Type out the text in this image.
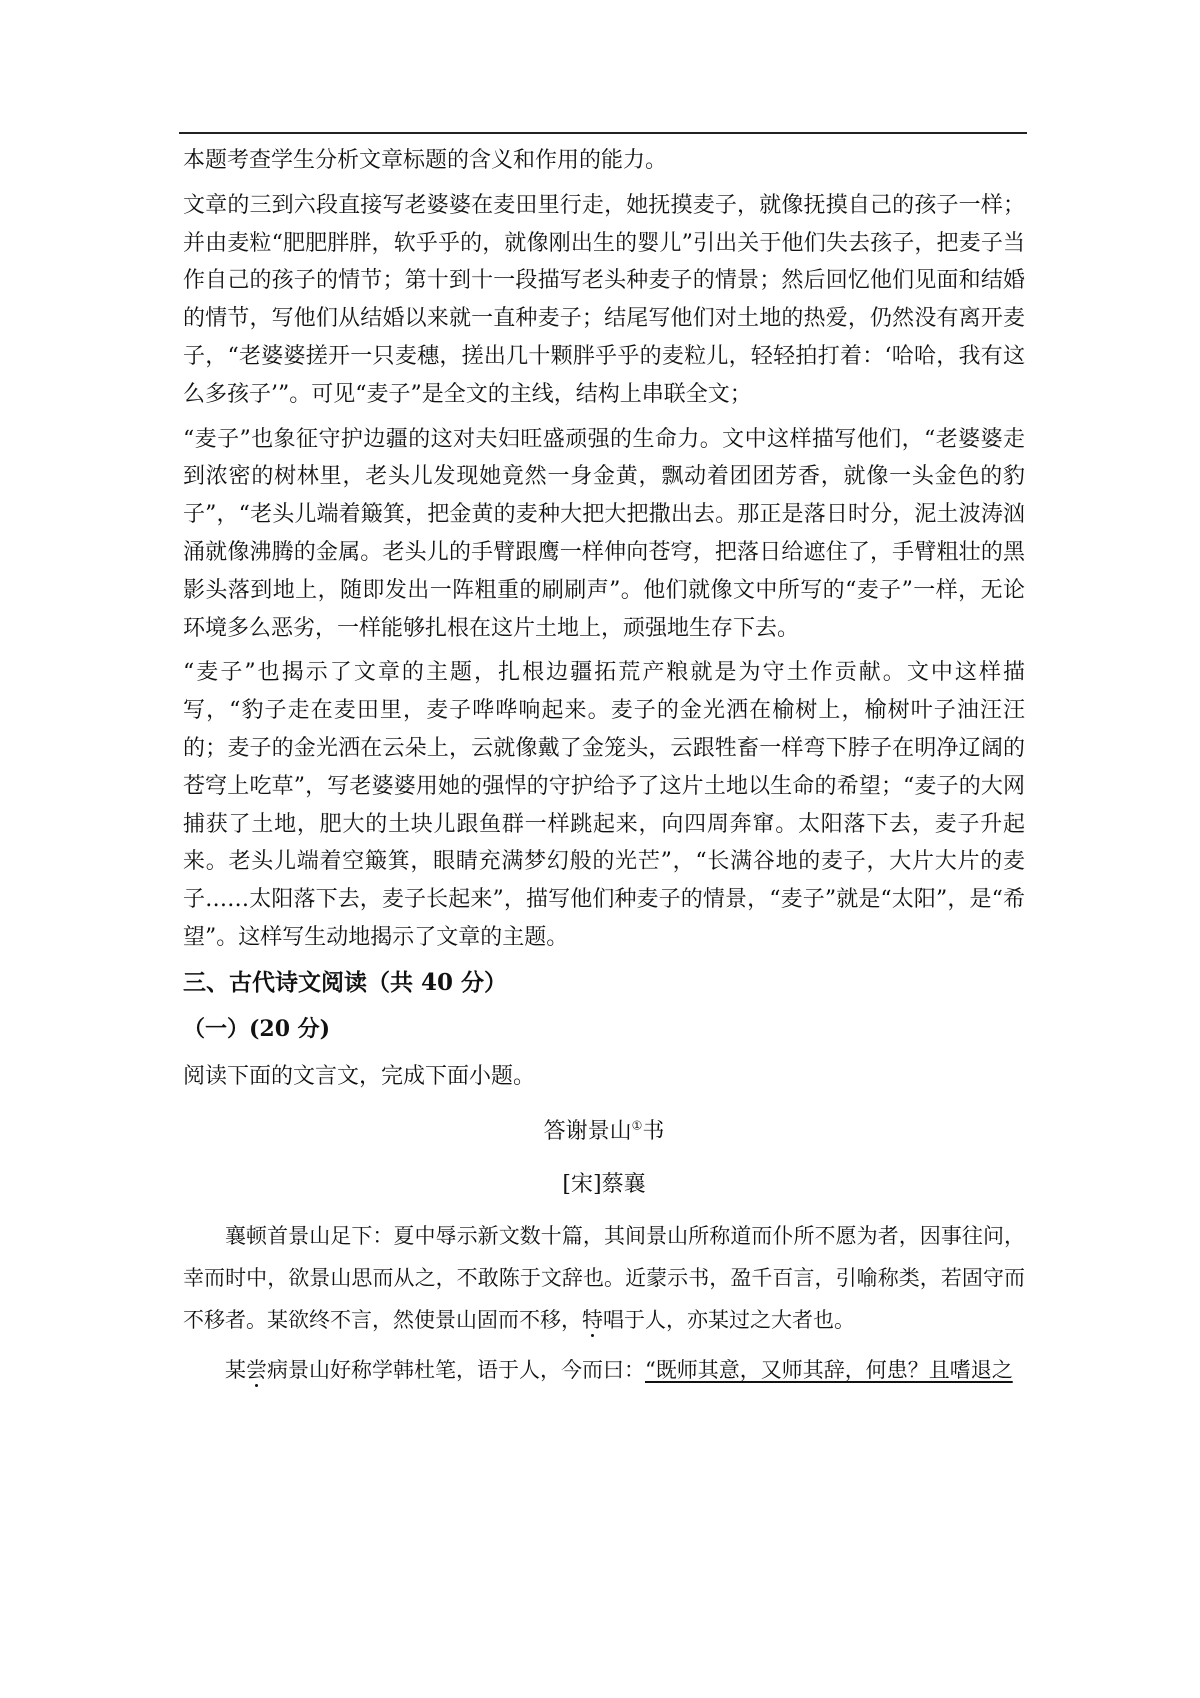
本题考查学生分析文章标题的含义和作用的能力。

文章的三到六段直接写老婆婆在麦田里行走，她抚摸麦子，就像抚摸自己的孩子一样；并由麦粒“肥肥胖胖，软乎乎的，就像刚出生的婴儿”引出关于他们失去孩子，把麦子当作自己的孩子的情节；第十到十一段描写老头种麦子的情景；然后回忆他们见面和结婚的情节，写他们从结婚以来就一直种麦子；结尾写他们对土地的热爱，仍然没有离开麦子，“老婆婆搓开一只麦穗，搓出几十颗胖乎乎的麦粒儿，轻轻拍打着：‘哈哈，我有这么多孩子’”。可见“麦子”是全文的主线，结构上串联全文；

“麦子”也象征守护边疆的这对夫妇旺盛顽强的生命力。文中这样描写他们，“老婆婆走到浓密的树林里，老头儿发现她竟然一身金黄，飘动着团团芳香，就像一头金色的豹子”，“老头儿端着簸箕，把金黄的麦种大把大把撒出去。那正是落日时分，泥土波涛汹涌就像沸腾的金属。老头儿的手臂跟鹰一样伸向苍穹，把落日给遮住了，手臂粗壮的黑影头落到地上，随即发出一阵粗重的刷刷声”。他们就像文中所写的“麦子”一样，无论环境多么恶劣，一样能够扎根在这片土地上，顽强地生存下去。

“麦子”也揭示了文章的主题，扎根边疆拓荒产粮就是为守土作贡献。文中这样描写，“豹子走在麦田里，麦子哗哗响起来。麦子的金光洒在榆树上，榆树叶子油汪汪的；麦子的金光洒在云朵上，云就像戴了金笼头，云跟牲畜一样弯下脖子在明净辽阔的苍穹上吃草”，写老婆婆用她的强悍的守护给予了这片土地以生命的希望；“麦子的大网捕获了土地，肥大的土块儿跟鱼群一样跳起来，向四周奔窜。太阳落下去，麦子升起来。老头儿端着空簸箕，眼睛充满梦幻般的光芒”，“长满谷地的麦子，大片大片的麦子……太阳落下去，麦子长起来”，描写他们种麦子的情景，“麦子”就是“太阳”，是“希望”。这样写生动地揭示了文章的主题。

三、古代诗文阅读（共 40 分）
（一）(20 分)
阅读下面的文言文，完成下面小题。
答谢景山①书
[宋]蔡襄

襄顿首景山足下：夏中辱示新文数十篇，其间景山所称道而仆所不愿为者，因事往问，幸而时中，欲景山思而从之，不敢陈于文辞也。近蒙示书，盈千百言，引喻称类，若固守而不移者。某欲终不言，然使景山固而不移，特唱于人，亦某过之大者也。

某尝病景山好称学韩杜笔，语于人，今而曰：“既师其意，又师其辞，何患？且嗜退之
